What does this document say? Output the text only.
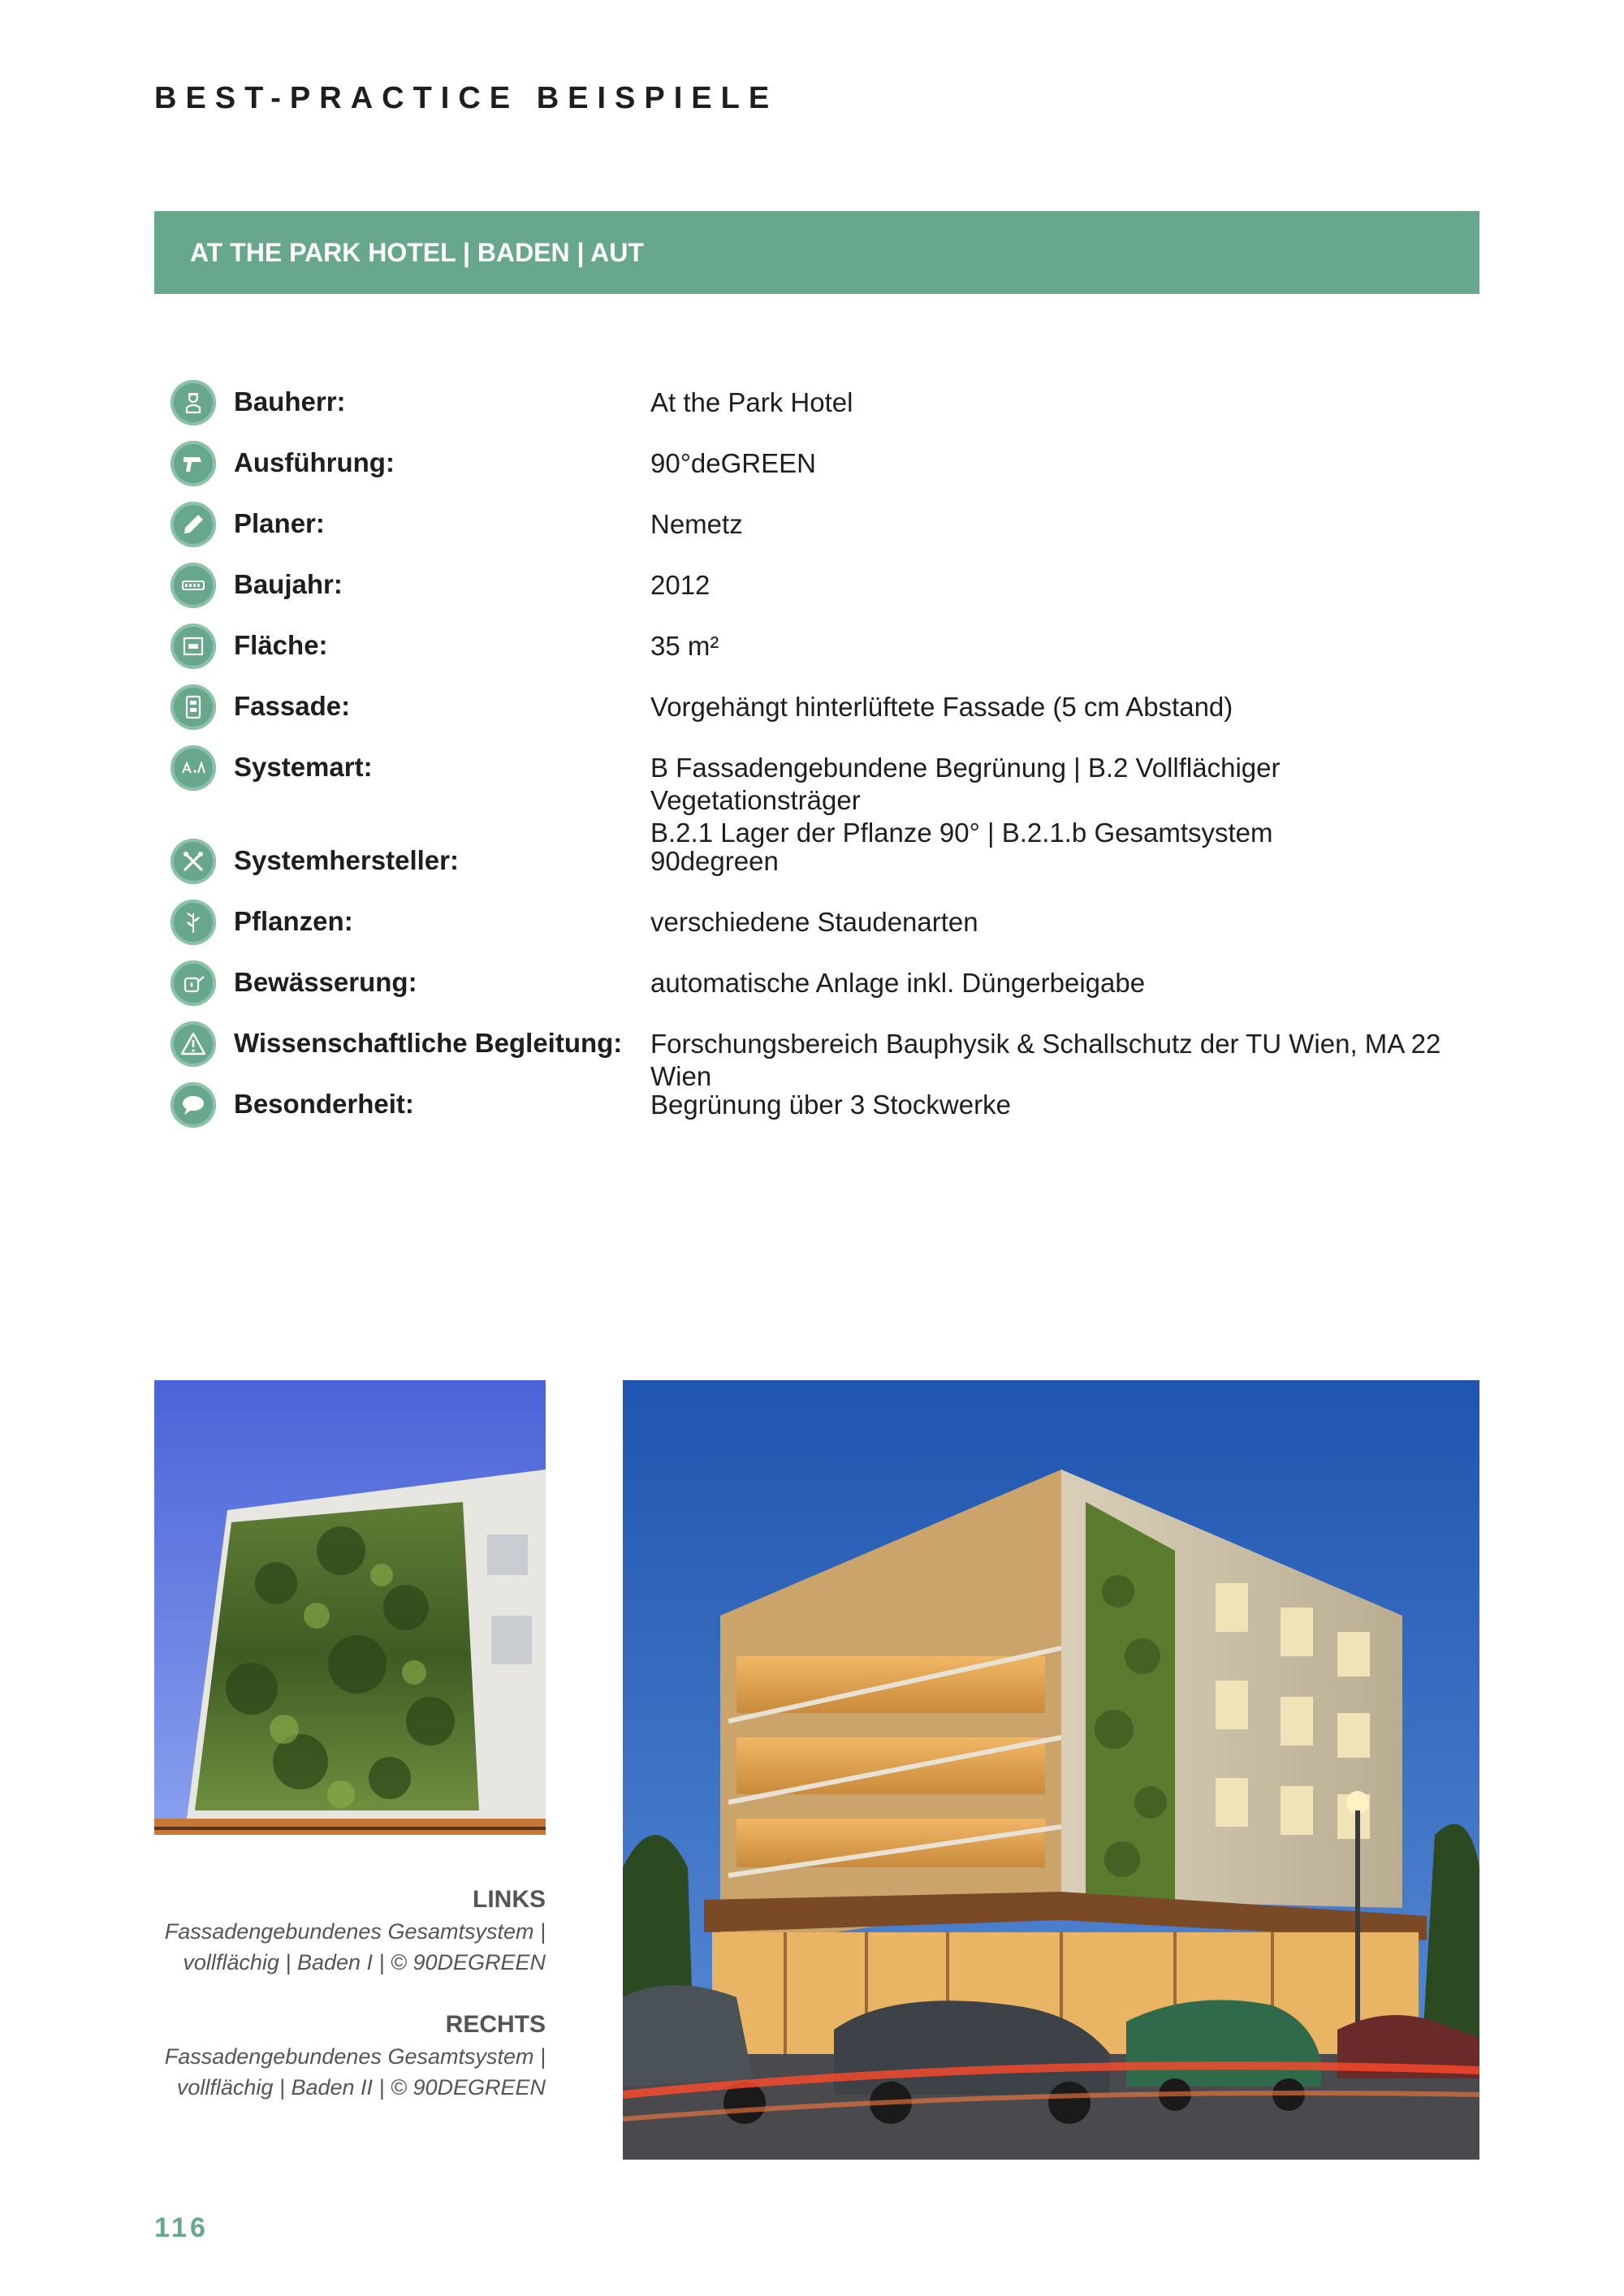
BEST-PRACTICE BEISPIELE
AT THE PARK HOTEL | BADEN | AUT
Bauherr:	At the Park Hotel
Ausführung:	90°deGREEN
Planer:	Nemetz
Baujahr:	2012
Fläche:	35 m²
Fassade:	Vorgehängt hinterlüftete Fassade (5 cm Abstand)
Systemart:	B Fassadengebundene Begrünung | B.2 Vollflächiger Vegetationsträger
B.2.1 Lager der Pflanze 90° | B.2.1.b Gesamtsystem
Systemhersteller:	90degreen
Pflanzen:	verschiedene Staudenarten
Bewässerung:	automatische Anlage inkl. Düngerbeigabe
Wissenschaftliche Begleitung: Forschungsbereich Bauphysik & Schallschutz der TU Wien, MA 22 Wien
Besonderheit:	Begrünung über 3 Stockwerke

LINKS

Fassadengebundenes Gesamtsystem |
vollflächig | Baden I | © 90DEGREEN

RECHTS

Fassadengebundenes Gesamtsystem |
vollflächig | Baden II | © 90DEGREEN

116
